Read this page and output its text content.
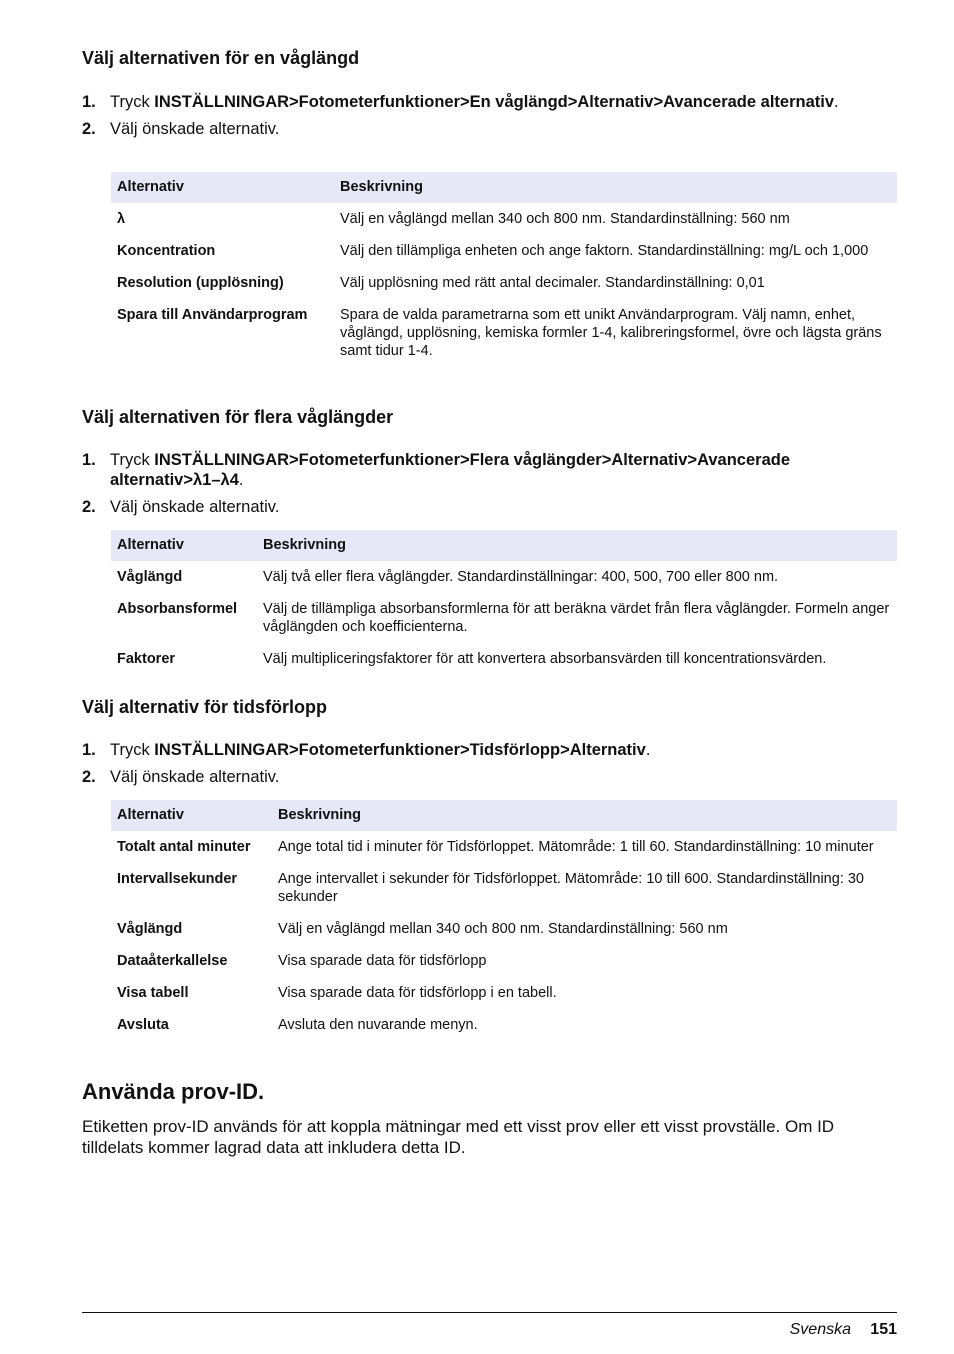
Välj alternativen för en våglängd
1. Tryck INSTÄLLNINGAR>Fotometerfunktioner>En våglängd>Alternativ>Avancerade alternativ.
2. Välj önskade alternativ.
Alternativ	Beskrivning
λ	Välj en våglängd mellan 340 och 800 nm. Standardinställning: 560 nm
Koncentration	Välj den tillämpliga enheten och ange faktorn. Standardinställning: mg/L och 1,000
Resolution (upplösning)	Välj upplösning med rätt antal decimaler. Standardinställning: 0,01
Spara till Användarprogram	Spara de valda parametrarna som ett unikt Användarprogram. Välj namn, enhet, våglängd, upplösning, kemiska formler 1-4, kalibreringsformel, övre och lägsta gräns samt tidur 1-4.
Välj alternativen för flera våglängder
1. Tryck INSTÄLLNINGAR>Fotometerfunktioner>Flera våglängder>Alternativ>Avancerade alternativ>λ1–λ4.
2. Välj önskade alternativ.
Alternativ	Beskrivning
Våglängd	Välj två eller flera våglängder. Standardinställningar: 400, 500, 700 eller 800 nm.
Absorbansformel	Välj de tillämpliga absorbansformlerna för att beräkna värdet från flera våglängder. Formeln anger våglängden och koefficienterna.
Faktorer	Välj multipliceringsfaktorer för att konvertera absorbansvärden till koncentrationsvärden.
Välj alternativ för tidsförlopp
1. Tryck INSTÄLLNINGAR>Fotometerfunktioner>Tidsförlopp>Alternativ.
2. Välj önskade alternativ.
Alternativ	Beskrivning
Totalt antal minuter	Ange total tid i minuter för Tidsförloppet. Mätområde: 1 till 60. Standardinställning: 10 minuter
Intervallsekunder	Ange intervallet i sekunder för Tidsförloppet. Mätområde: 10 till 600. Standardinställning: 30 sekunder
Våglängd	Välj en våglängd mellan 340 och 800 nm. Standardinställning: 560 nm
Dataåterkallelse	Visa sparade data för tidsförlopp
Visa tabell	Visa sparade data för tidsförlopp i en tabell.
Avsluta	Avsluta den nuvarande menyn.
Använda prov-ID.

Etiketten prov-ID används för att koppla mätningar med ett visst prov eller ett visst provställe. Om ID tilldelats kommer lagrad data att inkludera detta ID.

Svenska 151
